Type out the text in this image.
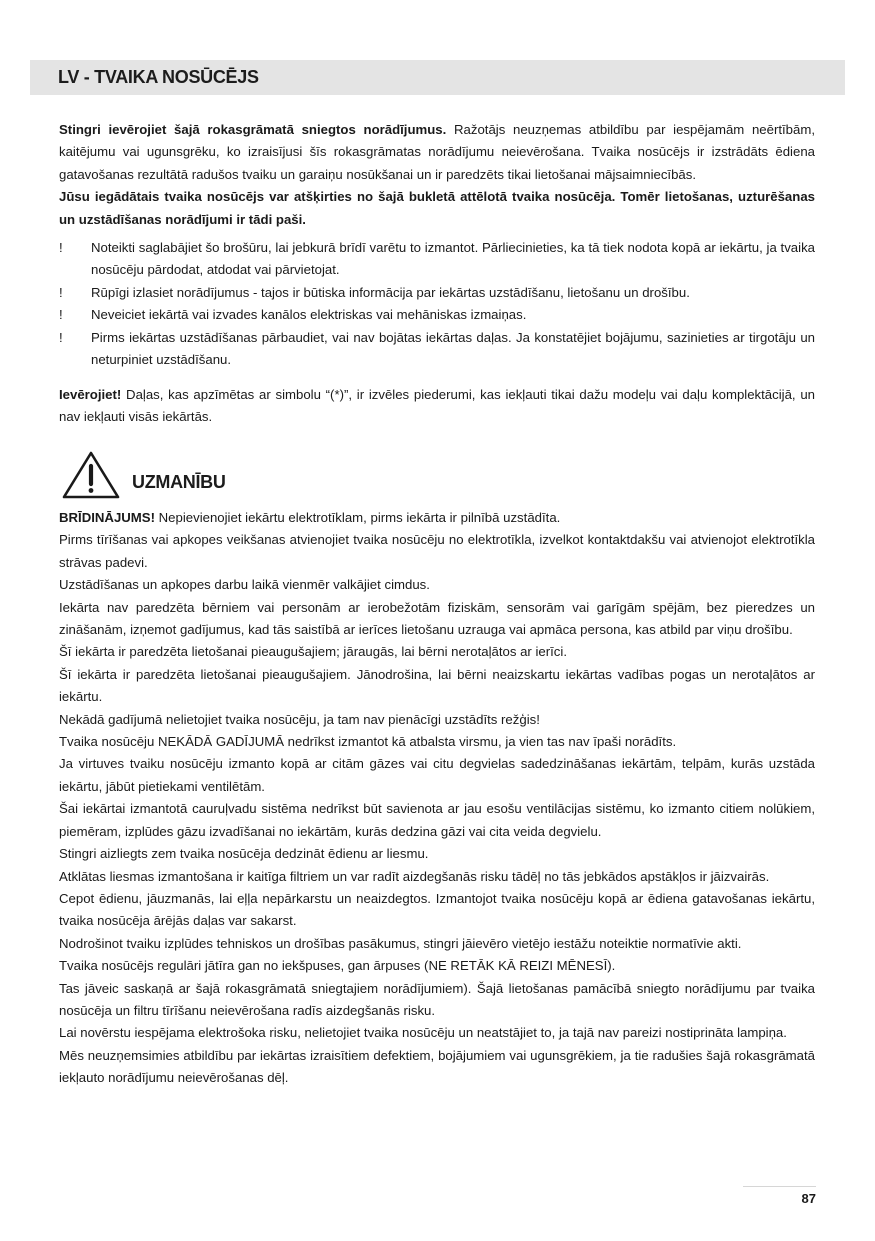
LV - TVAIKA NOSŪCĒJS

Stingri ievērojiet šajā rokasgrāmatā sniegtos norādījumus. Ražotājs neuzņemas atbildību par iespējamām neērtībām, kaitējumu vai ugunsgrēku, ko izraisījusi šīs rokasgrāmatas norādījumu neievērošana. Tvaika nosūcējs ir izstrādāts ēdiena gatavošanas rezultātā radušos tvaiku un garaiņu nosūkšanai un ir paredzēts tikai lietošanai mājsaimniecībās.

Jūsu iegādātais tvaika nosūcējs var atšķirties no šajā bukletā attēlotā tvaika nosūcēja. Tomēr lietošanas, uzturēšanas un uzstādīšanas norādījumi ir tādi paši.

!	Noteikti saglabājiet šo brošūru, lai jebkurā brīdī varētu to izmantot. Pārliecinieties, ka tā tiek nodota kopā ar iekārtu, ja tvaika nosūcēju pārdodat, atdodat vai pārvietojat.

!	Rūpīgi izlasiet norādījumus - tajos ir būtiska informācija par iekārtas uzstādīšanu, lietošanu un drošību.

!	Neveiciet iekārtā vai izvades kanālos elektriskas vai mehāniskas izmaiņas.

!	Pirms iekārtas uzstādīšanas pārbaudiet, vai nav bojātas iekārtas daļas. Ja konstatējiet bojājumu, sazinieties ar tirgotāju un neturpiniet uzstādīšanu.

Ievērojiet! Daļas, kas apzīmētas ar simbolu “(*)”, ir izvēles piederumi, kas iekļauti tikai dažu modeļu vai daļu komplektācijā, un nav iekļauti visās iekārtās.

UZMANĪBU

BRĪDINĀJUMS! Nepievienojiet iekārtu elektrotīklam, pirms iekārta ir pilnībā uzstādīta.

Pirms tīrīšanas vai apkopes veikšanas atvienojiet tvaika nosūcēju no elektrotīkla, izvelkot kontaktdakšu vai atvienojot elektrotīkla strāvas padevi.

Uzstādīšanas un apkopes darbu laikā vienmēr valkājiet cimdus.

Iekārta nav paredzēta bērniem vai personām ar ierobežotām fiziskām, sensorām vai garīgām spējām, bez pieredzes un zināšanām, izņemot gadījumus, kad tās saistībā ar ierīces lietošanu uzrauga vai apmāca persona, kas atbild par viņu drošību.

Šī iekārta ir paredzēta lietošanai pieaugušajiem; jāraugās, lai bērni nerotaļātos ar ierīci.

Šī iekārta ir paredzēta lietošanai pieaugušajiem. Jānodrošina, lai bērni neaizskartu iekārtas vadības pogas un nerotaļātos ar iekārtu.

Nekādā gadījumā nelietojiet tvaika nosūcēju, ja tam nav pienācīgi uzstādīts režģis!

Tvaika nosūcēju NEKĀDĀ GADĪJUMĀ nedrīkst izmantot kā atbalsta virsmu, ja vien tas nav īpaši norādīts.

Ja virtuves tvaiku nosūcēju izmanto kopā ar citām gāzes vai citu degvielas sadedzināšanas iekārtām, telpām, kurās uzstāda iekārtu, jābūt pietiekami ventilētām.

Šai iekārtai izmantotā cauruļvadu sistēma nedrīkst būt savienota ar jau esošu ventilācijas sistēmu, ko izmanto citiem nolūkiem, piemēram, izplūdes gāzu izvadīšanai no iekārtām, kurās dedzina gāzi vai cita veida degvielu.

Stingri aizliegts zem tvaika nosūcēja dedzināt ēdienu ar liesmu.

Atklātas liesmas izmantošana ir kaitīga filtriem un var radīt aizdegšanās risku tādēļ no tās jebkādos apstākļos ir jāizvairās.

Cepot ēdienu, jāuzmanās, lai eļļa nepārkarstu un neaizdegtos. Izmantojot tvaika nosūcēju kopā ar ēdiena gatavošanas iekārtu, tvaika nosūcēja ārējās daļas var sakarst.

Nodrošinot tvaiku izplūdes tehniskos un drošības pasākumus, stingri jāievēro vietējo iestāžu noteiktie normatīvie akti.

Tvaika nosūcējs regulāri jātīra gan no iekšpuses, gan ārpuses (NE RETĀK KĀ REIZI MĒNESĪ).

Tas jāveic saskaņā ar šajā rokasgrāmatā sniegtajiem norādījumiem). Šajā lietošanas pamācībā sniegto norādījumu par tvaika nosūcēja un filtru tīrīšanu neievērošana radīs aizdegšanās risku.

Lai novērstu iespējama elektrošoka risku, nelietojiet tvaika nosūcēju un neatstājiet to, ja tajā nav pareizi nostiprināta lampiņa.

Mēs neuzņemsimies atbildību par iekārtas izraisītiem defektiem, bojājumiem vai ugunsgrēkiem, ja tie radušies šajā rokasgrāmatā iekļauto norādījumu neievērošanas dēļ.

87
